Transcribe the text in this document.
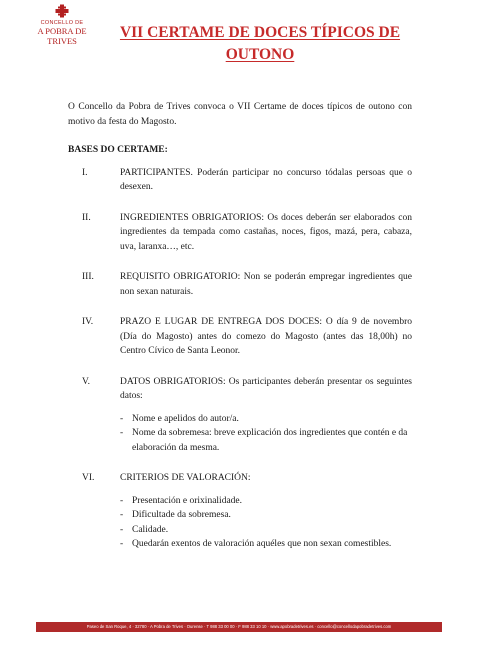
CONCELLO DE
A POBRA DE TRIVES	VII CERTAME DE DOCES TÍPICOS DE OUTONO

O Concello da Pobra de Trives convoca o VII Certame de doces típicos de outono con motivo da festa do Magosto.

BASES DO CERTAME:
I.	PARTICIPANTES. Poderán participar no concurso tódalas persoas que o desexen.
II.	INGREDIENTES OBRIGATORIOS: Os doces deberán ser elaborados con ingredientes da tempada como castañas, noces, figos, mazá, pera, cabaza, uva, laranxa…, etc.
III.	REQUISITO OBRIGATORIO: Non se poderán empregar ingredientes que non sexan naturais.
IV.	PRAZO E LUGAR DE ENTREGA DOS DOCES: O día 9 de novembro (Día do Magosto) antes do comezo do Magosto (antes das 18,00h) no Centro Cívico de Santa Leonor.
V.	DATOS OBRIGATORIOS: Os participantes deberán presentar os seguintes datos:
- Nome e apelidos do autor/a.
- Nome da sobremesa: breve explicación dos ingredientes que contén e da elaboración da mesma.
VI.	CRITERIOS DE VALORACIÓN:
- Presentación e orixinalidade.
- Dificultade da sobremesa.
- Calidade.
- Quedarán exentos de valoración aquéles que non sexan comestibles.
Paseo de San Roque, 4 · 32780 · A Pobra de Trives · Ourense · T 988 33 00 00 · F 988 33 10 10 · www.apobradetrives.es · concello@concellodapobradetrives.com
